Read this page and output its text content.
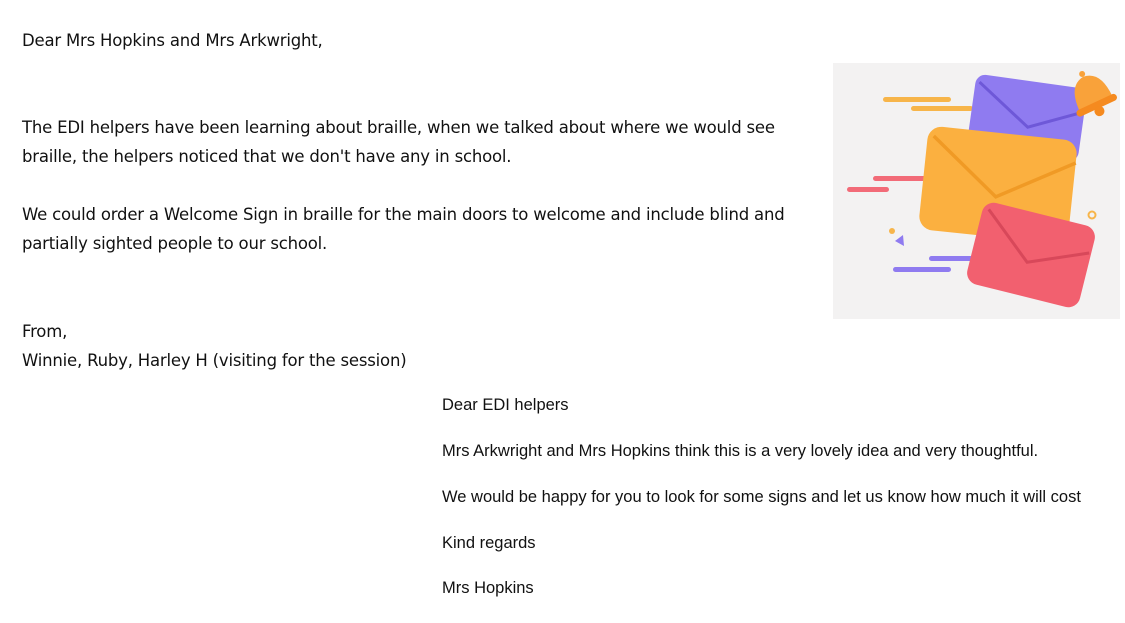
Dear Mrs Hopkins and Mrs Arkwright,
The EDI helpers have been learning about braille, when we talked about where we would see
braille, the helpers noticed that we don't have any in school.
We could order a Welcome Sign in braille for the main doors to welcome and include blind and
partially sighted people to our school.
From,
Winnie, Ruby, Harley H (visiting for the session)
Dear EDI helpers
Mrs Arkwright and Mrs Hopkins think this is a very lovely idea and very thoughtful.
We would be happy for you to look for some signs and let us know how much it will cost
Kind regards
Mrs Hopkins
